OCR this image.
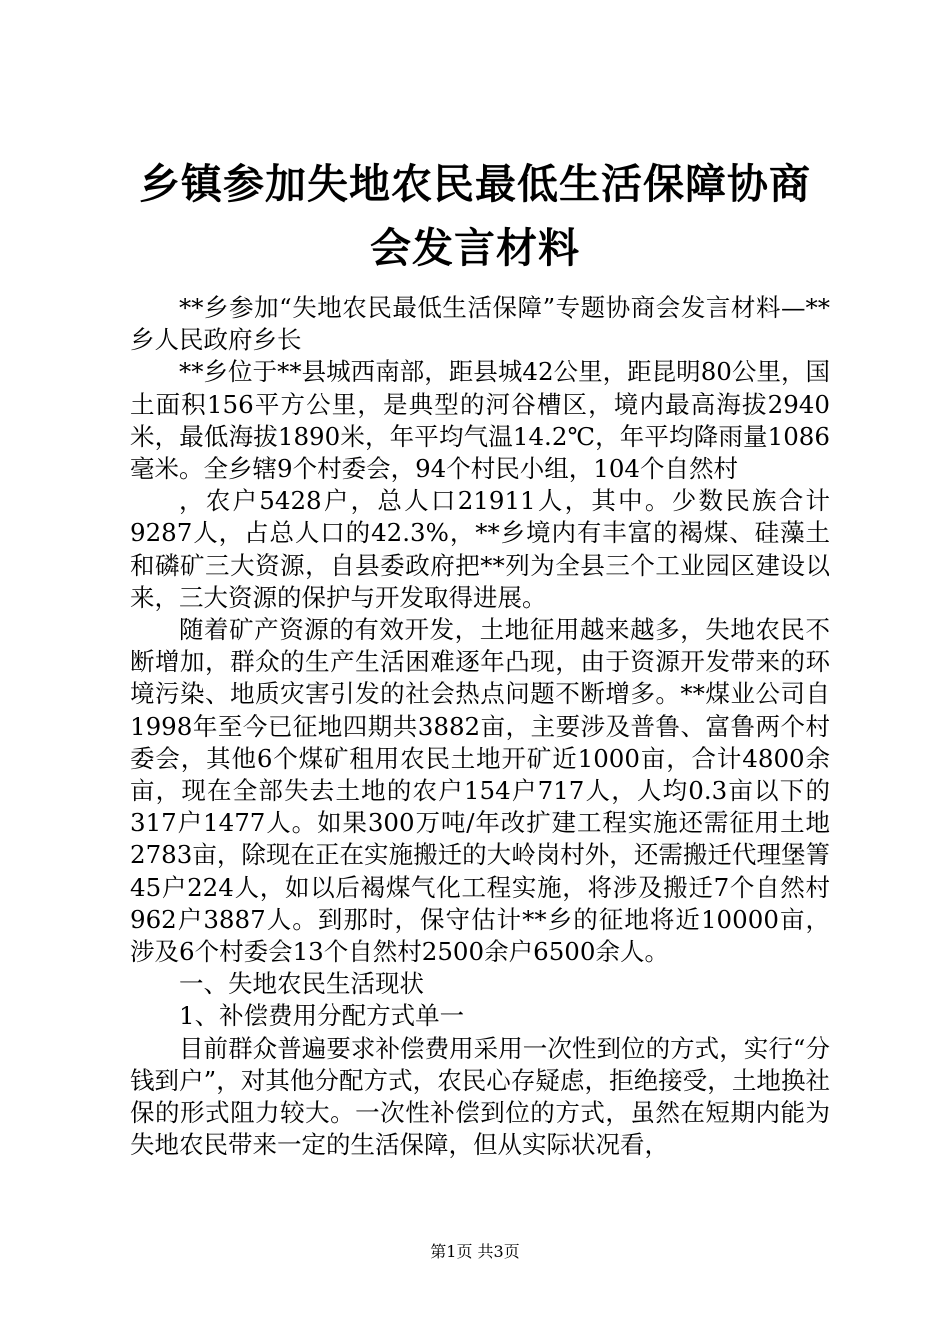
乡镇参加失地农民最低生活保障协商会发言材料

**乡参加“失地农民最低生活保障”专题协商会发言材料—**乡人民政府乡长

**乡位于**县城西南部，距县城42公里，距昆明80公里，国土面积156平方公里，是典型的河谷槽区，境内最高海拔2940米，最低海拔1890米，年平均气温14.2℃，年平均降雨量1086毫米。全乡辖9个村委会，94个村民小组，104个自然村

，农户5428户，总人口21911人，其中。少数民族合计9287人，占总人口的42.3%，**乡境内有丰富的褐煤、硅藻土和磷矿三大资源，自县委政府把**列为全县三个工业园区建设以来，三大资源的保护与开发取得进展。

随着矿产资源的有效开发，土地征用越来越多，失地农民不断增加，群众的生产生活困难逐年凸现，由于资源开发带来的环境污染、地质灾害引发的社会热点问题不断增多。**煤业公司自1998年至今已征地四期共3882亩，主要涉及普鲁、富鲁两个村委会，其他6个煤矿租用农民土地开矿近1000亩，合计4800余亩，现在全部失去土地的农户154户717人，人均0.3亩以下的317户1477人。如果300万吨/年改扩建工程实施还需征用土地2783亩，除现在正在实施搬迁的大岭岗村外，还需搬迁代理堡箐45户224人，如以后褐煤气化工程实施，将涉及搬迁7个自然村962户3887人。到那时，保守估计**乡的征地将近10000亩，涉及6个村委会13个自然村2500余户6500余人。

一、失地农民生活现状

1、补偿费用分配方式单一

目前群众普遍要求补偿费用采用一次性到位的方式，实行“分钱到户”，对其他分配方式，农民心存疑虑，拒绝接受，土地换社保的形式阻力较大。一次性补偿到位的方式，虽然在短期内能为失地农民带来一定的生活保障，但从实际状况看，

第1页 共3页
